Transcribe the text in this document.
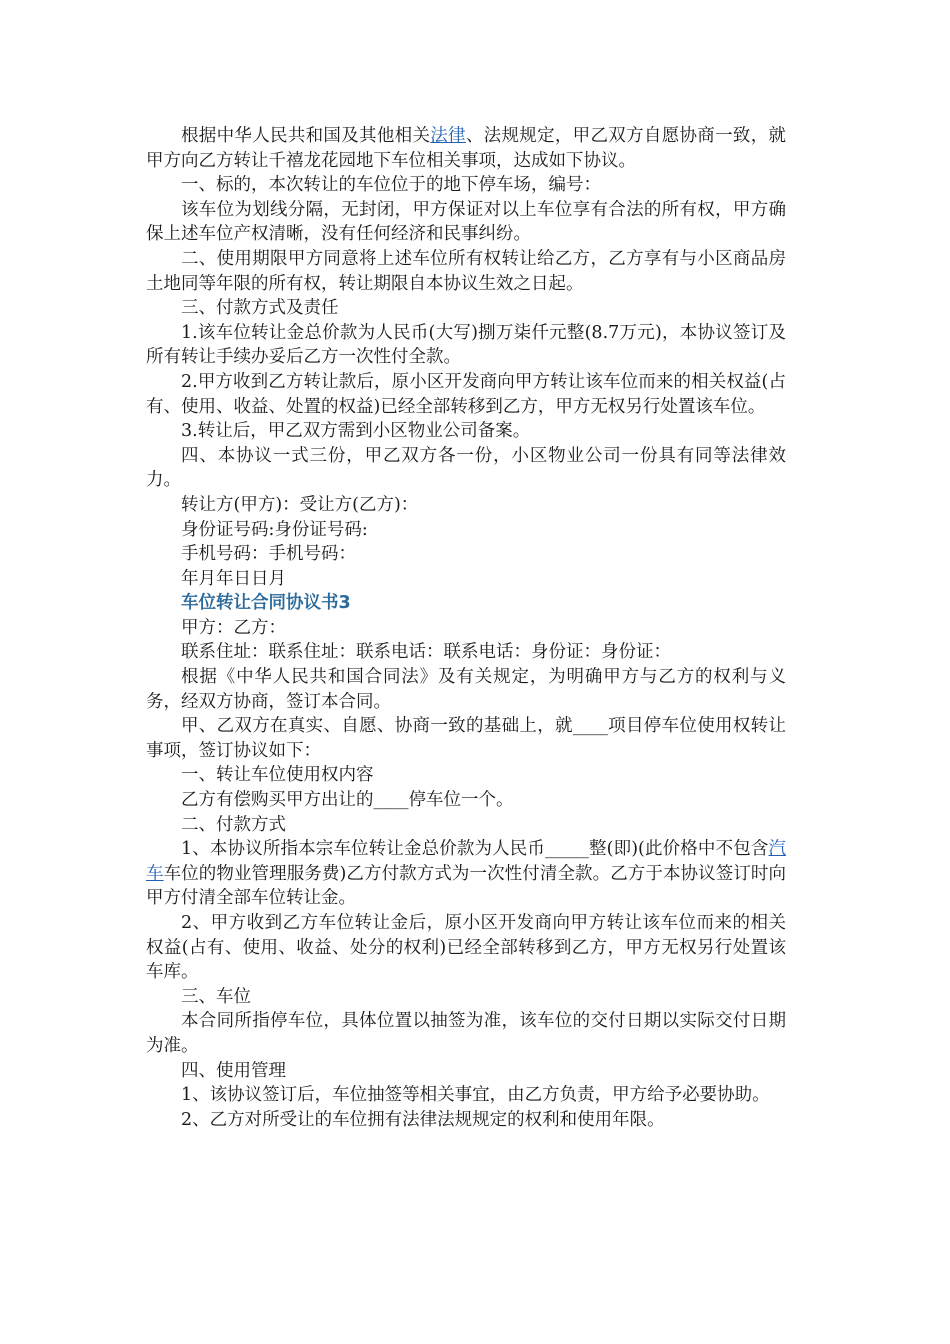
根据中华人民共和国及其他相关法律、法规规定，甲乙双方自愿协商一致，就甲方向乙方转让千禧龙花园地下车位相关事项，达成如下协议。

一、标的，本次转让的车位位于的地下停车场，编号：

该车位为划线分隔，无封闭，甲方保证对以上车位享有合法的所有权，甲方确保上述车位产权清晰，没有任何经济和民事纠纷。

二、使用期限甲方同意将上述车位所有权转让给乙方，乙方享有与小区商品房土地同等年限的所有权，转让期限自本协议生效之日起。

三、付款方式及责任

1.该车位转让金总价款为人民币(大写)捌万柒仟元整(8.7万元)，本协议签订及所有转让手续办妥后乙方一次性付全款。

2.甲方收到乙方转让款后，原小区开发商向甲方转让该车位而来的相关权益(占有、使用、收益、处置的权益)已经全部转移到乙方，甲方无权另行处置该车位。

3.转让后，甲乙双方需到小区物业公司备案。

四、本协议一式三份，甲乙双方各一份，小区物业公司一份具有同等法律效力。

转让方(甲方)：受让方(乙方)：

身份证号码:身份证号码:

手机号码：手机号码：

年月年日日月

车位转让合同协议书3

甲方：乙方：

联系住址：联系住址：联系电话：联系电话：身份证：身份证：

根据《中华人民共和国合同法》及有关规定，为明确甲方与乙方的权利与义务，经双方协商，签订本合同。

甲、乙双方在真实、自愿、协商一致的基础上，就____项目停车位使用权转让事项，签订协议如下：

一、转让车位使用权内容

乙方有偿购买甲方出让的____停车位一个。

二、付款方式

1、本协议所指本宗车位转让金总价款为人民币_____整(即)(此价格中不包含汽车车位的物业管理服务费)乙方付款方式为一次性付清全款。乙方于本协议签订时向甲方付清全部车位转让金。

2、甲方收到乙方车位转让金后，原小区开发商向甲方转让该车位而来的相关权益(占有、使用、收益、处分的权利)已经全部转移到乙方，甲方无权另行处置该车库。

三、车位

本合同所指停车位，具体位置以抽签为准，该车位的交付日期以实际交付日期为准。

四、使用管理

1、该协议签订后，车位抽签等相关事宜，由乙方负责，甲方给予必要协助。

2、乙方对所受让的车位拥有法律法规规定的权利和使用年限。
